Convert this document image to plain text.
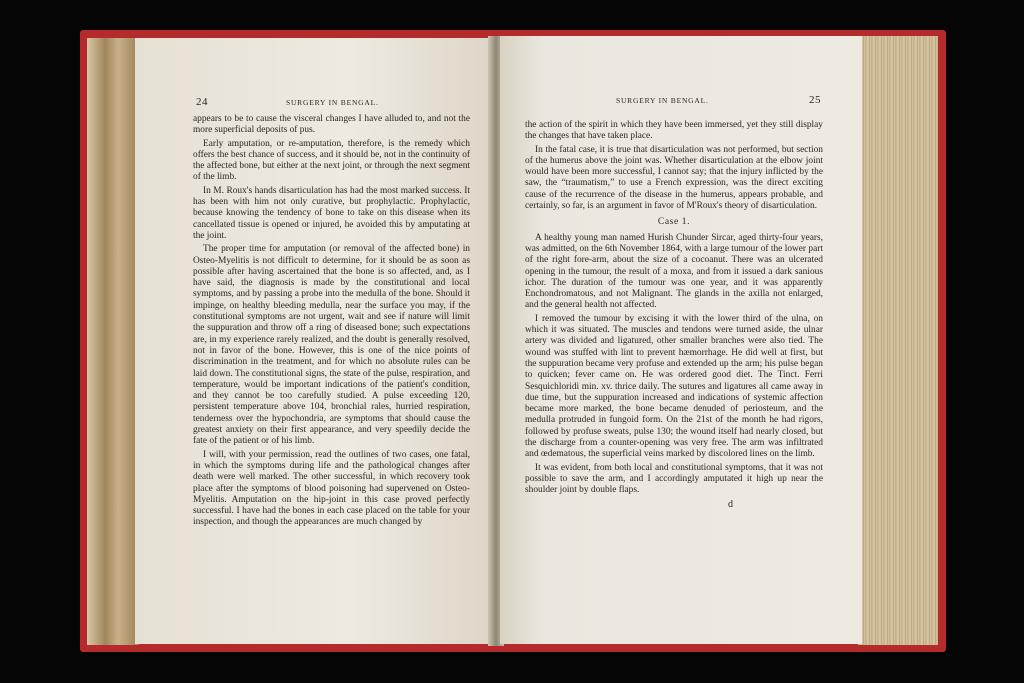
24	SURGERY IN BENGAL.

appears to be to cause the visceral changes I have alluded to, and not the more superficial deposits of pus.

Early amputation, or re-amputation, therefore, is the remedy which offers the best chance of success, and it should be, not in the continuity of the affected bone, but either at the next joint, or through the next segment of the limb.

In M. Roux's hands disarticulation has had the most marked success. It has been with him not only curative, but prophylactic. Prophylactic, because knowing the tendency of bone to take on this disease when its cancellated tissue is opened or injured, he avoided this by amputating at the joint.

The proper time for amputation (or removal of the affected bone) in Osteo-Myelitis is not difficult to determine, for it should be as soon as possible after having ascertained that the bone is so affected, and, as I have said, the diagnosis is made by the constitutional and local symptoms, and by passing a probe into the medulla of the bone. Should it impinge, on healthy bleeding medulla, near the surface you may, if the constitutional symptoms are not urgent, wait and see if nature will limit the suppuration and throw off a ring of diseased bone; such expectations are, in my experience rarely realized, and the doubt is generally resolved, not in favor of the bone. However, this is one of the nice points of discrimination in the treatment, and for which no absolute rules can be laid down. The constitutional signs, the state of the pulse, respiration, and temperature, would be important indications of the patient's condition, and they cannot be too carefully studied. A pulse exceeding 120, persistent temperature above 104, bronchial rales, hurried respiration, tenderness over the hypochondria, are symptoms that should cause the greatest anxiety on their first appearance, and very speedily decide the fate of the patient or of his limb.

I will, with your permission, read the outlines of two cases, one fatal, in which the symptoms during life and the pathological changes after death were well marked. The other successful, in which recovery took place after the symptoms of blood poisoning had supervened on Osteo-Myelitis. Amputation on the hip-joint in this case proved perfectly successful. I have had the bones in each case placed on the table for your inspection, and though the appearances are much changed by

SURGERY IN BENGAL.	25

the action of the spirit in which they have been immersed, yet they still display the changes that have taken place.

In the fatal case, it is true that disarticulation was not performed, but section of the humerus above the joint was. Whether disarticulation at the elbow joint would have been more successful, I cannot say; that the injury inflicted by the saw, the “traumatism,” to use a French expression, was the direct exciting cause of the recurrence of the disease in the humerus, appears probable, and certainly, so far, is an argument in favor of M'Roux's theory of disarticulation.

Case 1.

A healthy young man named Hurish Chunder Sircar, aged thirty-four years, was admitted, on the 6th November 1864, with a large tumour of the lower part of the right fore-arm, about the size of a cocoanut. There was an ulcerated opening in the tumour, the result of a moxa, and from it issued a dark sanious ichor. The duration of the tumour was one year, and it was apparently Enchondromatous, and not Malignant. The glands in the axilla not enlarged, and the general health not affected.

I removed the tumour by excising it with the lower third of the ulna, on which it was situated. The muscles and tendons were turned aside, the ulnar artery was divided and ligatured, other smaller branches were also tied. The wound was stuffed with lint to prevent hæmorrhage. He did well at first, but the suppuration became very profuse and extended up the arm; his pulse began to quicken; fever came on. He was ordered good diet. The Tinct. Ferri Sesquichloridi min. xv. thrice daily. The sutures and ligatures all came away in due time, but the suppuration increased and indications of systemic affection became more marked, the bone became denuded of periosteum, and the medulla protruded in fungoid form. On the 21st of the month he had rigors, followed by profuse sweats, pulse 130; the wound itself had nearly closed, but the discharge from a counter-opening was very free. The arm was infiltrated and œdematous, the superficial veins marked by discolored lines on the limb.

It was evident, from both local and constitutional symptoms, that it was not possible to save the arm, and I accordingly amputated it high up near the shoulder joint by double flaps.

d
